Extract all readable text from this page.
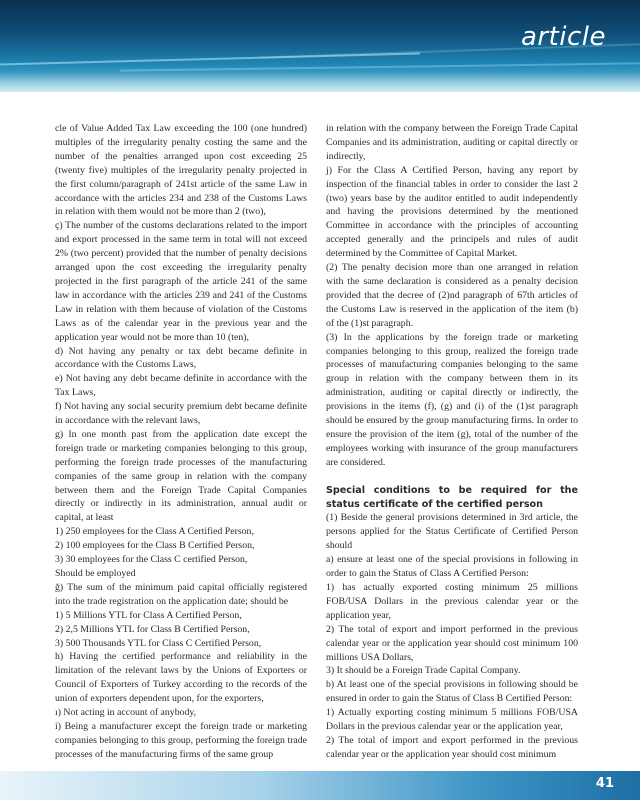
article

cle of Value Added Tax Law exceeding the 100 (one hundred) multiples of the irregularity penalty costing the same and the number of the penalties arranged upon cost exceeding 25 (twenty five) multiples of the irregularity penalty projected in the first column/paragraph of 241st article of the same Law in accordance with the articles 234 and 238 of the Customs Laws in relation with them would not be more than 2 (two),

ç) The number of the customs declarations related to the import and export processed in the same term in total will not exceed 2% (two percent) provided that the number of penalty decisions arranged upon the cost exceeding the irregularity penalty projected in the first paragraph of the article 241 of the same law in accordance with the articles 239 and 241 of the Customs Law in relation with them because of violation of the Customs Laws as of the calendar year in the previous year and the application year would not be more than 10 (ten),

d) Not having any penalty or tax debt became definite in accordance with the Customs Laws,

e) Not having any debt became definite in accordance with the Tax Laws,

f) Not having any social security premium debt became definite in accordance with the relevant laws,

g) In one month past from the application date except the foreign trade or marketing companies belonging to this group, performing the foreign trade processes of the manufacturing companies of the same group in relation with the company between them and the Foreign Trade Capital Companies directly or indirectly in its administration, annual audit or capital, at least

1) 250 employees for the Class A Certified Person,

2) 100 employees for the Class B Certified Person,

3) 30 employees for the Class C certified Person,

Should be employed

ğ) The sum of the minimum paid capital officially registered into the trade registration on the application date; should be

1) 5 Millions YTL for Class A Certified Person,

2) 2,5 Millions YTL for Class B Certified Person,

3) 500 Thousands YTL for Class C Certified Person,

h) Having the certified performance and reliability in the limitation of the relevant laws by the Unions of Exporters or Council of Exporters of Turkey according to the records of the union of exporters dependent upon, for the exporters,

ı) Not acting in account of anybody,

i) Being a manufacturer except the foreign trade or marketing companies belonging to this group, performing the foreign trade processes of the manufacturing firms of the same group

in relation with the company between the Foreign Trade Capital Companies and its administration, auditing or capital directly or indirectly,

j) For the Class A Certified Person, having any report by inspection of the financial tables in order to consider the last 2 (two) years base by the auditor entitled to audit independently and having the provisions determined by the mentioned Committee in accordance with the principles of accounting accepted generally and the principels and rules of audit determined by the Committee of Capital Market.

(2) The penalty decision more than one arranged in relation with the same declaration is considered as a penalty decision provided that the decree of (2)nd paragraph of 67th articles of the Customs Law is reserved in the application of the item (b) of the (1)st paragraph.

(3) In the applications by the foreign trade or marketing companies belonging to this group, realized the foreign trade processes of manufacturing companies belonging to the same group in relation with the company between them in its administration, auditing or capital directly or indirectly, the provisions in the items (f), (g) and (i) of the (1)st paragraph should be ensured by the group manufacturing firms. In order to ensure the provision of the item (g), total of the number of the employees working with insurance of the group manufacturers are considered.

Special conditions to be required for the status certificate of the certified person

(1) Beside the general provisions determined in 3rd article, the persons applied for the Status Certificate of Certified Person should

a) ensure at least one of the special provisions in following in order to gain the Status of Class A Certified Person:

1) has actually exported costing minimum 25 millions FOB/USA Dollars in the previous calendar year or the application year,

2) The total of export and import performed in the previous calendar year or the application year should cost minimum 100 millions USA Dollars,

3) It should be a Foreign Trade Capital Company.

b) At least one of the special provisions in following should be ensured in order to gain the Status of Class B Certified Person:

1) Actually exporting costing minimum 5 millions FOB/USA Dollars in the previous calendar year or the application year,

2) The total of import and export performed in the previous calendar year or the application year should cost minimum

41
